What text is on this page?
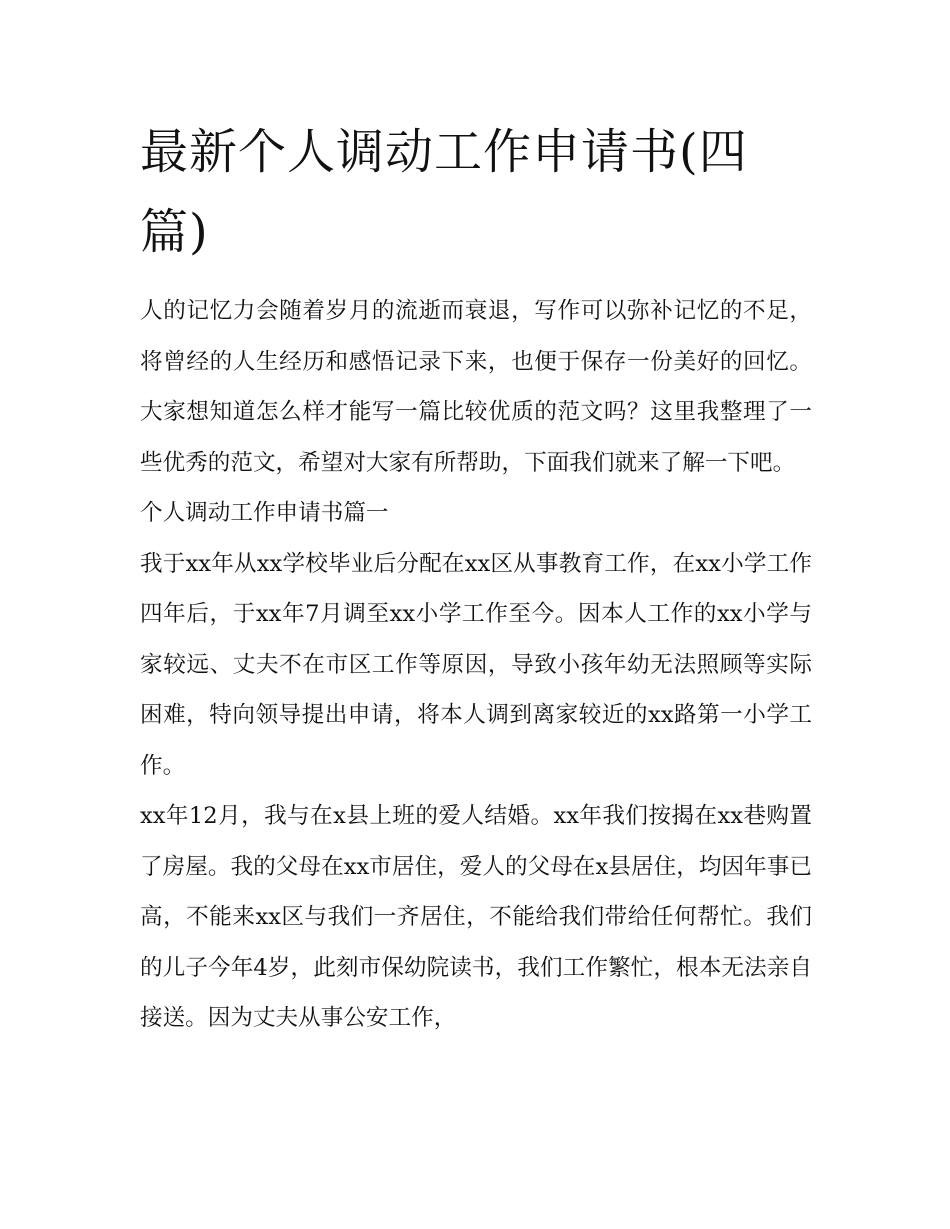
最新个人调动工作申请书(四篇)

人的记忆力会随着岁月的流逝而衰退，写作可以弥补记忆的不足，将曾经的人生经历和感悟记录下来，也便于保存一份美好的回忆。大家想知道怎么样才能写一篇比较优质的范文吗？这里我整理了一些优秀的范文，希望对大家有所帮助，下面我们就来了解一下吧。

个人调动工作申请书篇一

我于xx年从xx学校毕业后分配在xx区从事教育工作，在xx小学工作四年后，于xx年7月调至xx小学工作至今。因本人工作的xx小学与家较远、丈夫不在市区工作等原因，导致小孩年幼无法照顾等实际困难，特向领导提出申请，将本人调到离家较近的xx路第一小学工作。

xx年12月，我与在x县上班的爱人结婚。xx年我们按揭在xx巷购置了房屋。我的父母在xx市居住，爱人的父母在x县居住，均因年事已高，不能来xx区与我们一齐居住，不能给我们带给任何帮忙。我们的儿子今年4岁，此刻市保幼院读书，我们工作繁忙，根本无法亲自接送。因为丈夫从事公安工作，
